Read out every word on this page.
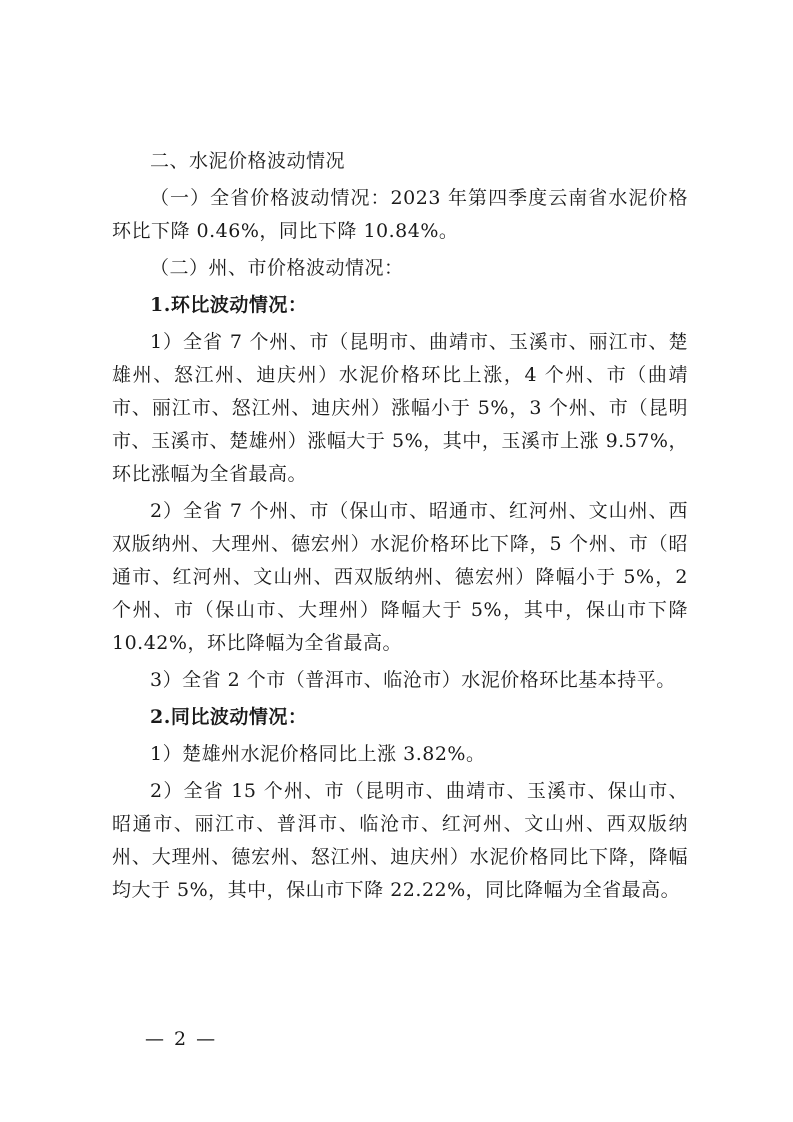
二、水泥价格波动情况

（一）全省价格波动情况：2023 年第四季度云南省水泥价格环比下降 0.46%，同比下降 10.84%。

（二）州、市价格波动情况：

1.环比波动情况：

1）全省 7 个州、市（昆明市、曲靖市、玉溪市、丽江市、楚雄州、怒江州、迪庆州）水泥价格环比上涨，4 个州、市（曲靖市、丽江市、怒江州、迪庆州）涨幅小于 5%，3 个州、市（昆明市、玉溪市、楚雄州）涨幅大于 5%，其中，玉溪市上涨 9.57%，环比涨幅为全省最高。

2）全省 7 个州、市（保山市、昭通市、红河州、文山州、西双版纳州、大理州、德宏州）水泥价格环比下降，5 个州、市（昭通市、红河州、文山州、西双版纳州、德宏州）降幅小于 5%，2 个州、市（保山市、大理州）降幅大于 5%，其中，保山市下降 10.42%，环比降幅为全省最高。

3）全省 2 个市（普洱市、临沧市）水泥价格环比基本持平。

2.同比波动情况：

1）楚雄州水泥价格同比上涨 3.82%。

2）全省 15 个州、市（昆明市、曲靖市、玉溪市、保山市、昭通市、丽江市、普洱市、临沧市、红河州、文山州、西双版纳州、大理州、德宏州、怒江州、迪庆州）水泥价格同比下降，降幅均大于 5%，其中，保山市下降 22.22%，同比降幅为全省最高。

— 2 —
